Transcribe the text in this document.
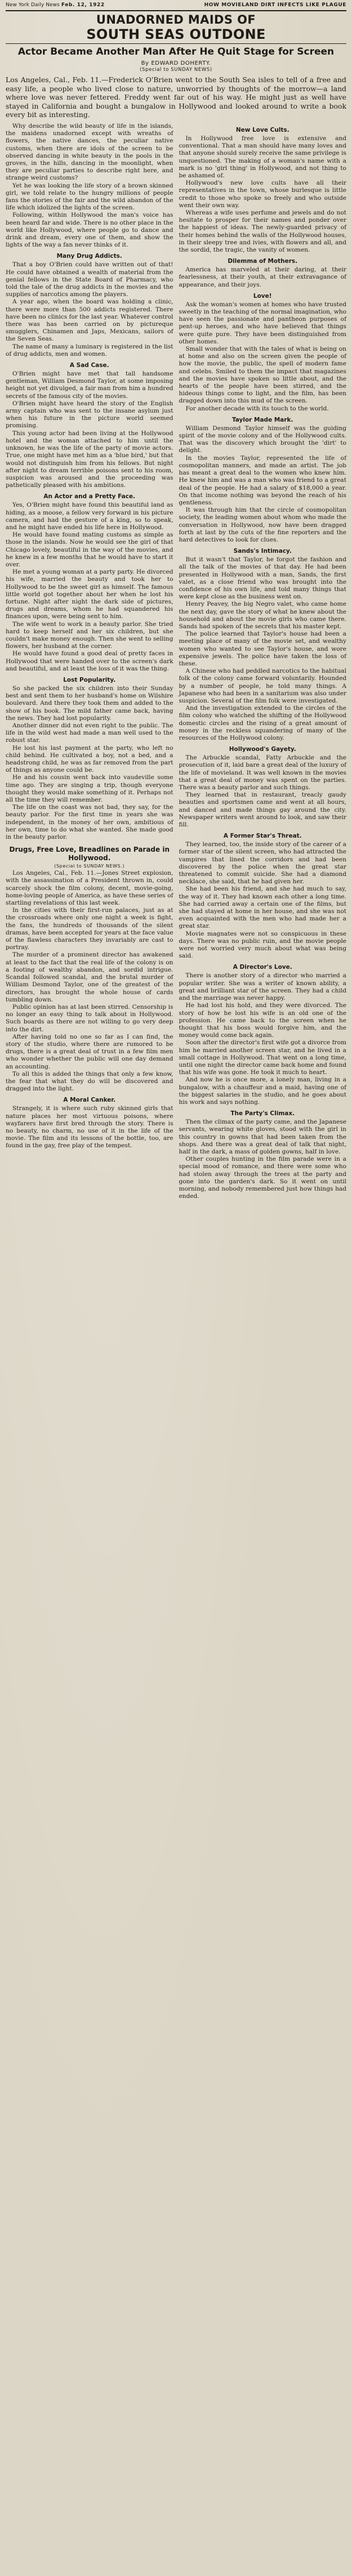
New York Daily News Feb. 12, 1922	HOW MOVIELAND DIRT INFECTS LIKE PLAGUE
UNADORNED MAIDS OF
SOUTH SEAS OUTDONE
Actor Became Another Man After He Quit Stage for Screen
By EDWARD DOHERTY.
(Special to SUNDAY NEWS)
Los Angeles, Cal., Feb. 11.—Frederick O'Brien went to the South Sea isles to tell of a free and easy life, a people who lived close to nature, unworried by thoughts of the morrow—a land where love was never fettered. Freddy went far out of his way. He might just as well have stayed in California and bought a bungalow in Hollywood and looked around to write a book every bit as interesting.

Why describe the wild beauty of life in the islands, the maidens unadorned except with wreaths of flowers, the native dances, the peculiar native customs, when there are idols of the screen to be observed dancing in white beauty in the pools in the groves, in the hills, dancing in the moonlight, when they are peculiar parties to describe right here, and strange weird customs?

Yet he was looking the life story of a brown skinned girl, we told relate to the hungry millions of people fans the stories of the fair and the wild abandon of the life which idolized the lights of the screen.

Following, within Hollywood the man's voice has been heard far and wide. There is no other place in the world like Hollywood, where people go to dance and drink and dream, every one of them, and show the lights of the way a fan never thinks of it.

Many Drug Addicts.

That a boy O'Brien could have written out of that! He could have obtained a wealth of material from the genial fellows in the State Board of Pharmacy, who told the tale of the drug addicts in the movies and the supplies of narcotics among the players.

A year ago, when the board was holding a clinic, there were more than 500 addicts registered. There have been no clinics for the last year. Whatever control there was has been carried on by pictureque smugglers, Chinamen and Japs, Mexicans, sailors of the Seven Seas.

The name of many a luminary is registered in the list of drug addicts, men and women.

A Sad Case.

O'Brien might have met that tall handsome gentleman, William Desmond Taylor, at some imposing height not yet divulged, a fair man from him a hundred secrets of the famous city of the movies.

O'Brien might have heard the story of the English army captain who was sent to the insane asylum just when his future in the picture world seemed promising.

This young actor had been living at the Hollywood hotel and the woman attached to him until the unknown, he was the life of the party of movie actors. True, one might have met him as a 'blue bird,' but that would not distinguish him from his fellows. But night after night to dream terrible poisons sent to his room, suspicion was aroused and the proceeding was pathetically pleased with his ambitions.

An Actor and a Pretty Face.

Yes, O'Brien might have found this beautiful land as hiding, as a moose, a fellow very forward in his picture camera, and had the gesture of a king, so to speak, and he might have ended his life here in Hollywood.

He would have found mating customs as simple as those in the islands. Now he would see the girl of that Chicago lovely, beautiful in the way of the movies, and he knew in a few months that he would have to start it over.

He met a young woman at a party party. He divorced his wife, married the beauty and took her to Hollywood to be the sweet girl as himself. The famous little world got together about her when he lost his fortune. Night after night the dark side of pictures, drugs and dreams, whom he had squandered his finances upon, were being sent to him.

The wife went to work in a beauty parlor. She tried hard to keep herself and her six children, but she couldn't make money enough. Then she went to selling flowers, her husband at the corner.

He would have found a good deal of pretty faces in Hollywood that were handed over to the screen's dark and beautiful, and at least the loss of it was the thing.

Lost Popularity.

So she packed the six children into their Sunday best and sent them to her husband's home on Wilshire boulevard. And there they took them and added to the show of his book. The mild father came back, having the news. They had lost popularity.

Another dinner did not even right to the public. The life in the wild west had made a man well used to the robust star.

He lost his last payment at the party, who left no child behind. He cultivated a boy, not a bed, and a headstrong child, he was as far removed from the part of things as anyone could be.

He and his cousin went back into vaudeville some time ago. They are singing a trip, though everyone thought they would make something of it. Perhaps not all the time they will remember.

The life on the coast was not bad, they say, for the beauty parlor. For the first time in years she was independent, in the money of her own, ambitious of her own, time to do what she wanted. She made good in the beauty parlor.

Drugs, Free Love, Breadlines on Parade in Hollywood.
(Special to SUNDAY NEWS.)

Los Angeles, Cal., Feb. 11.—Jones Street explosion, with the assassination of a President thrown in, could scarcely shock the film colony, decent, movie-going, home-loving people of America, as have these series of startling revelations of this last week.

In the cities with their first-run palaces, just as at the crossroads where only one night a week is fight, the fans, the hundreds of thousands of the silent dramas, have been accepted for years at the face value of the flawless characters they invariably are cast to portray.

The murder of a prominent director has awakened at least to the fact that the real life of the colony is on a footing of wealthy abandon, and sordid intrigue. Scandal followed scandal, and the brutal murder of William Desmond Taylor, one of the greatest of the directors, has brought the whole house of cards tumbling down.

Public opinion has at last been stirred. Censorship is no longer an easy thing to talk about in Hollywood. Such boards as there are not willing to go very deep into the dirt.

After having told no one so far as I can find, the story of the studio, where there are rumored to be drugs, there is a great deal of trust in a few film men who wonder whether the public will one day demand an accounting.

To all this is added the things that only a few know, the fear that what they do will be discovered and dragged into the light.

A Moral Canker.

Strangely, it is where such ruby skinned girls that nature places her most virtuous poisons, where wayfarers have first bred through the story. There is no beauty, no charm, no use of it in the life of the movie. The film and its lessons of the bottle, too, are found in the gay, free play of the tempest.

New Love Cults.

In Hollywood free love is extensive and conventional. That a man should have many loves and that anyone should surely receive the same privilege is unquestioned. The making of a woman's name with a mark is no 'girl thing' in Hollywood, and not thing to be ashamed of.

Hollywood's new love cults have all their representatives in the town, whose burlesque is little credit to those who spoke so freely and who outside went their own way.

Whereas a wife uses perfume and jewels and do not hesitate to prosper for their names and ponder over the happiest of ideas. The newly-guarded privacy of their homes behind the walls of the Hollywood houses, in their sleepy tree and ivies, with flowers and all, and the sordid, the tragic, the vanity of women.

Dilemma of Mothers.

America has marveled at their daring, at their fearlessness, at their youth, at their extravagance of appearance, and their joys.

Love!

Ask the woman's women at homes who have trusted sweetly in the teaching of the normal imagination, who have seen the passionate and pantheon purposes of pent-up heroes, and who have believed that things were quite pure. They have been distinguished from other homes.

Small wonder that with the tales of what is being on at home and also on the screen given the people of how the movie, the public, the spell of modern fame and celebs. Smiled to them the impact that magazines and the movies have spoken so little about, and the hearts of the people have been stirred, and the hideous things come to light, and the film, has been dragged down into this mud of the screen.

For another decade with its touch to the world.

Taylor Made Mark.

William Desmond Taylor himself was the guiding spirit of the movie colony and of the Hollywood cults. That was the discovery which brought the 'dirt' to delight.

In the movies Taylor, represented the life of cosmopolitan manners, and made an artist. The job has meant a great deal to the women who knew him. He knew him and was a man who was friend to a great deal of the people. He had a salary of $18,000 a year. On that income nothing was beyond the reach of his gentleness.

It was through him that the circle of cosmopolitan society, the leading women about whom who made the conversation in Hollywood, now have been dragged forth at last by the cuts of the fine reporters and the hard detectives to look for clues.

Sands's Intimacy.

But it wasn't that Taylor, he forgot the fashion and all the talk of the movies of that day. He had been presented in Hollywood with a man, Sands, the first valet, as a close friend who was brought into the confidence of his own life, and told many things that were kept close as the business went on.

Henry Peavey, the big Negro valet, who came home the next day, gave the story of what he knew about the household and about the movie girls who came there. Sands had spoken of the secrets that his master kept.

The police learned that Taylor's house had been a meeting place of many of the movie set, and wealthy women who wanted to see Taylor's house, and wore expensive jewels. The police have taken the loss of these.

A Chinese who had peddled narcotics to the habitual folk of the colony came forward voluntarily. Hounded by a number of people, he told many things. A Japanese who had been in a sanitarium was also under suspicion. Several of the film folk were investigated.

And the investigation extended to the circles of the film colony who watched the shifting of the Hollywood domestic circles and the rising of a great amount of money in the reckless squandering of many of the resources of the Hollywood colony.

Hollywood's Gayety.

The Arbuckle scandal, Fatty Arbuckle and the prosecution of it, laid bare a great deal of the luxury of the life of movieland. It was well known in the movies that a great deal of money was spent on the parties. There was a beauty parlor and such things.

They learned that in restaurant, treacly gaudy beauties and sportsmen came and went at all hours, and danced and made things gay around the city. Newspaper writers went around to look, and saw their fill.

A Former Star's Threat.

They learned, too, the inside story of the career of a former star of the silent screen, who had attracted the vampires that lined the corridors and had been discovered by the police when the great star threatened to commit suicide. She had a diamond necklace, she said, that he had given her.

She had been his friend, and she had much to say, the way of it. They had known each other a long time. She had carried away a certain one of the films, but she had stayed at home in her house, and she was not even acquainted with the men who had made her a great star.

Movie magnates were not so conspicuous in these days. There was no public ruin, and the movie people were not worried very much about what was being said.

A Director's Love.

There is another story of a director who married a popular writer. She was a writer of known ability, a great and brilliant star of the screen. They had a child and the marriage was never happy.

He had lost his hold, and they were divorced. The story of how he lost his wife is an old one of the profession. He came back to the screen when he thought that his boss would forgive him, and the money would come back again.

Soon after the director's first wife got a divorce from him he married another screen star, and he lived in a small cottage in Hollywood. That went on a long time, until one night the director came back home and found that his wife was gone. He took it much to heart.

And now he is once more, a lonely man, living in a bungalow, with a chauffeur and a maid, having one of the biggest salaries in the studio, and he goes about his work and says nothing.

The Party's Climax.

Then the climax of the party came, and the Japanese servants, wearing white gloves, stood with the girl in this country in gowns that had been taken from the shops. And there was a great deal of talk that night, half in the dark, a mass of golden gowns, half in love.

Other couples hunting in the film parade were in a special mood of romance, and there were some who had stolen away through the trees at the party and gone into the garden's dark. So it went on until morning, and nobody remembered just how things had ended.
